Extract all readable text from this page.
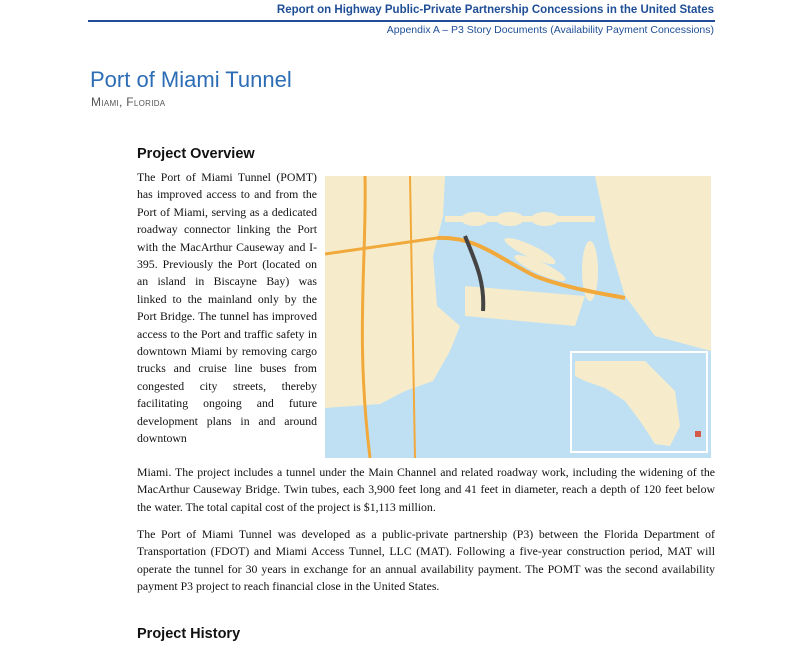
Report on Highway Public-Private Partnership Concessions in the United States
Appendix A – P3 Story Documents (Availability Payment Concessions)
Port of Miami Tunnel
Miami, Florida
Project Overview
The Port of Miami Tunnel (POMT) has improved access to and from the Port of Miami, serving as a dedicated roadway connector linking the Port with the MacArthur Causeway and I-395. Previously the Port (located on an island in Biscayne Bay) was linked to the mainland only by the Port Bridge. The tunnel has improved access to the Port and traffic safety in downtown Miami by removing cargo trucks and cruise line buses from congested city streets, thereby facilitating ongoing and future development plans in and around downtown
Miami. The project includes a tunnel under the Main Channel and related roadway work, including the widening of the MacArthur Causeway Bridge. Twin tubes, each 3,900 feet long and 41 feet in diameter, reach a depth of 120 feet below the water. The total capital cost of the project is $1,113 million.
The Port of Miami Tunnel was developed as a public-private partnership (P3) between the Florida Department of Transportation (FDOT) and Miami Access Tunnel, LLC (MAT). Following a five-year construction period, MAT will operate the tunnel for 30 years in exchange for an annual availability payment. The POMT was the second availability payment P3 project to reach financial close in the United States.
Project History
